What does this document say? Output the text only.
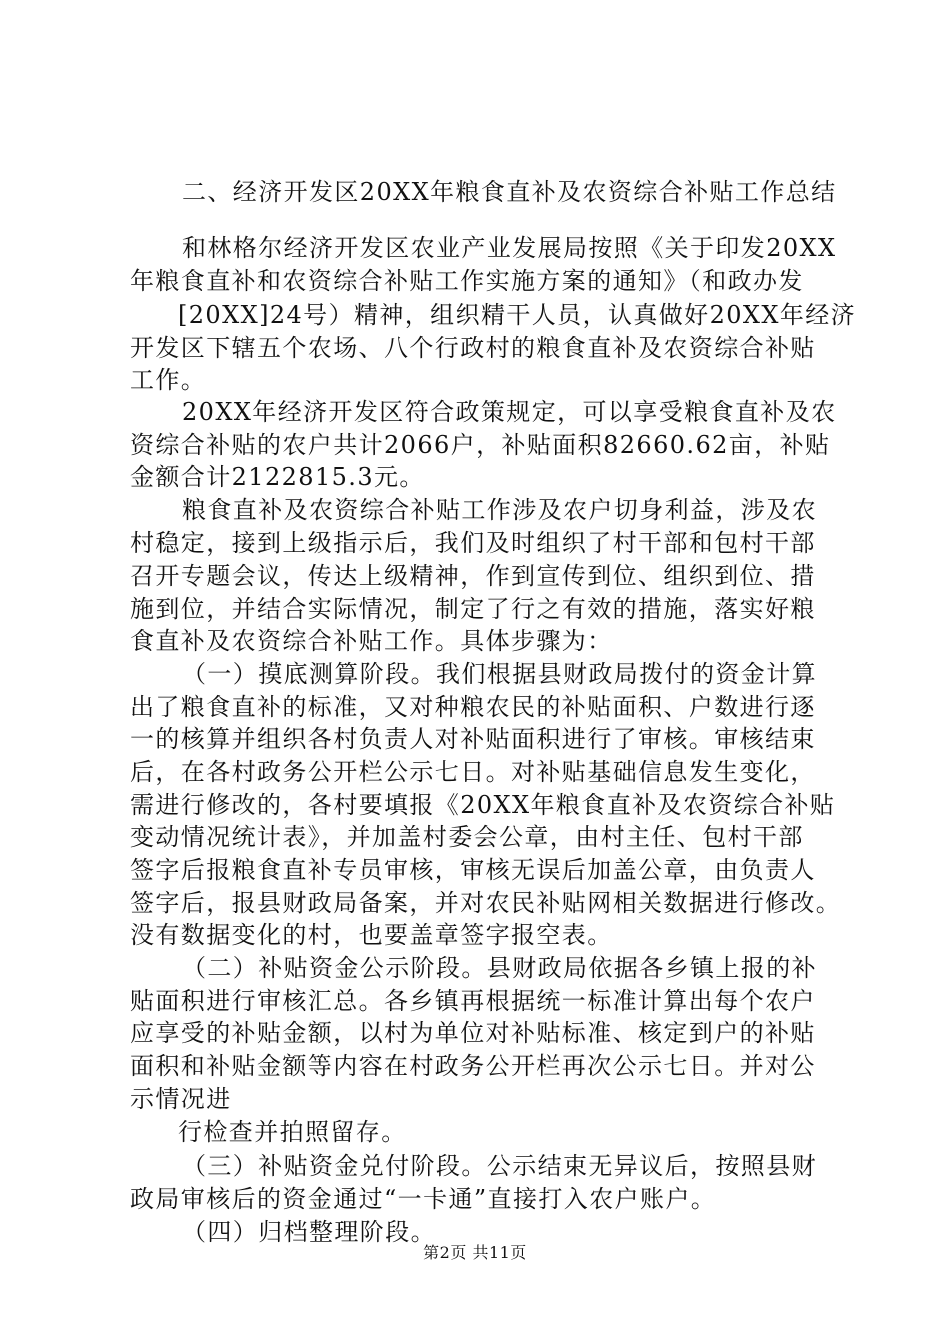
二、经济开发区20XX年粮食直补及农资综合补贴工作总结
和林格尔经济开发区农业产业发展局按照《关于印发20XX
年粮食直补和农资综合补贴工作实施方案的通知》（和政办发
[20XX]24号）精神，组织精干人员，认真做好20XX年经济
开发区下辖五个农场、八个行政村的粮食直补及农资综合补贴
工作。
20XX年经济开发区符合政策规定，可以享受粮食直补及农
资综合补贴的农户共计2066户，补贴面积82660.62亩，补贴
金额合计2122815.3元。
粮食直补及农资综合补贴工作涉及农户切身利益，涉及农
村稳定，接到上级指示后，我们及时组织了村干部和包村干部
召开专题会议，传达上级精神，作到宣传到位、组织到位、措
施到位，并结合实际情况，制定了行之有效的措施，落实好粮
食直补及农资综合补贴工作。具体步骤为：
（一）摸底测算阶段。我们根据县财政局拨付的资金计算
出了粮食直补的标准，又对种粮农民的补贴面积、户数进行逐
一的核算并组织各村负责人对补贴面积进行了审核。审核结束
后，在各村政务公开栏公示七日。对补贴基础信息发生变化，
需进行修改的，各村要填报《20XX年粮食直补及农资综合补贴
变动情况统计表》，并加盖村委会公章，由村主任、包村干部
签字后报粮食直补专员审核，审核无误后加盖公章，由负责人
签字后，报县财政局备案，并对农民补贴网相关数据进行修改。
没有数据变化的村，也要盖章签字报空表。
（二）补贴资金公示阶段。县财政局依据各乡镇上报的补
贴面积进行审核汇总。各乡镇再根据统一标准计算出每个农户
应享受的补贴金额，以村为单位对补贴标准、核定到户的补贴
面积和补贴金额等内容在村政务公开栏再次公示七日。并对公
示情况进
行检查并拍照留存。
（三）补贴资金兑付阶段。公示结束无异议后，按照县财
政局审核后的资金通过“一卡通”直接打入农户账户。
（四）归档整理阶段。
第2页 共11页
